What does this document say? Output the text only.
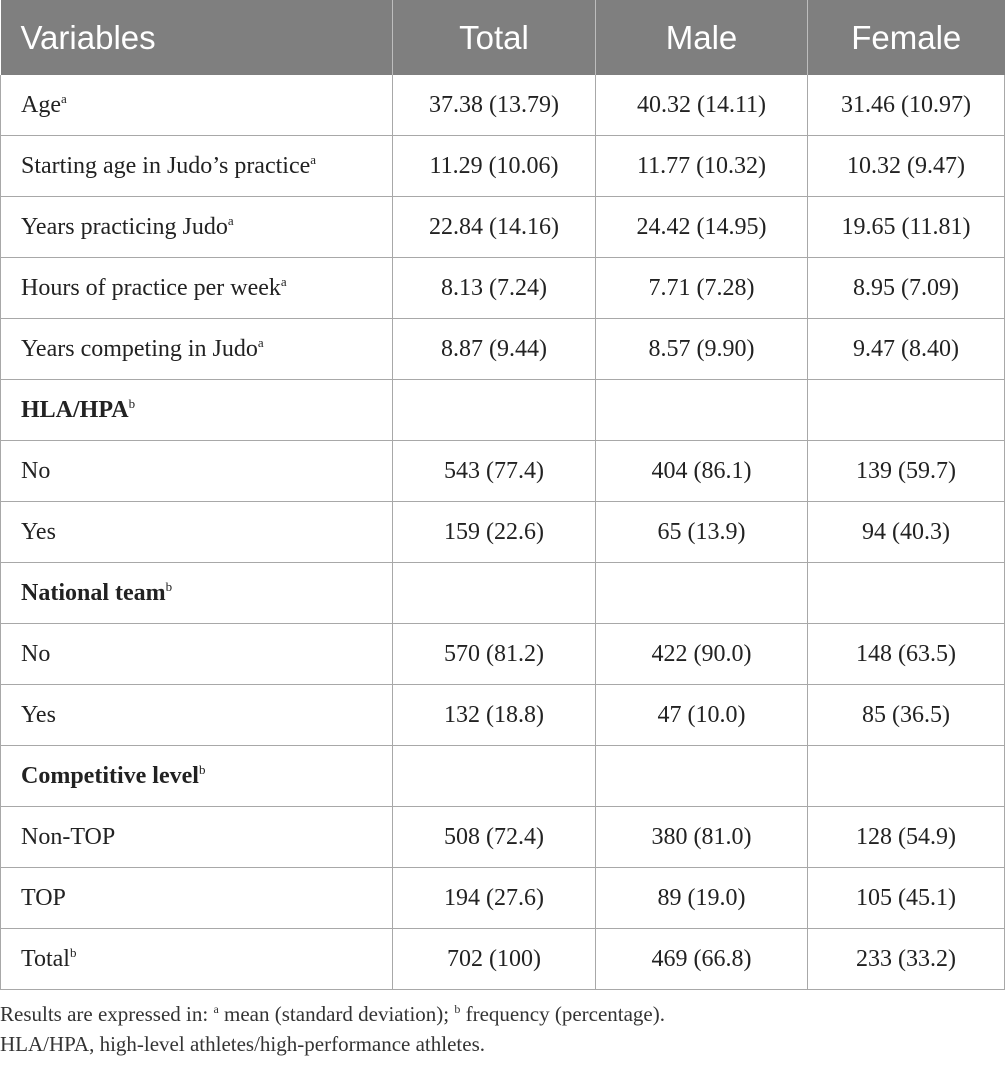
Variables	Total	Male	Female
Age$^a$	37.38 (13.79)	40.32 (14.11)	31.46 (10.97)
Starting age in Judo’s practice$^a$	11.29 (10.06)	11.77 (10.32)	10.32 (9.47)
Years practicing Judo$^a$	22.84 (14.16)	24.42 (14.95)	19.65 (11.81)
Hours of practice per week$^a$	8.13 (7.24)	7.71 (7.28)	8.95 (7.09)
Years competing in Judo$^a$	8.87 (9.44)	8.57 (9.90)	9.47 (8.40)
HLA/HPA$^b$			
No	543 (77.4)	404 (86.1)	139 (59.7)
Yes	159 (22.6)	65 (13.9)	94 (40.3)
National team$^b$			
No	570 (81.2)	422 (90.0)	148 (63.5)
Yes	132 (18.8)	47 (10.0)	85 (36.5)
Competitive level$^b$			
Non-TOP	508 (72.4)	380 (81.0)	128 (54.9)
TOP	194 (27.6)	89 (19.0)	105 (45.1)
Total$^b$	702 (100)	469 (66.8)	233 (33.2)

Results are expressed in: $^a$ mean (standard deviation); $^b$ frequency (percentage).

HLA/HPA, high-level athletes/high-performance athletes.
